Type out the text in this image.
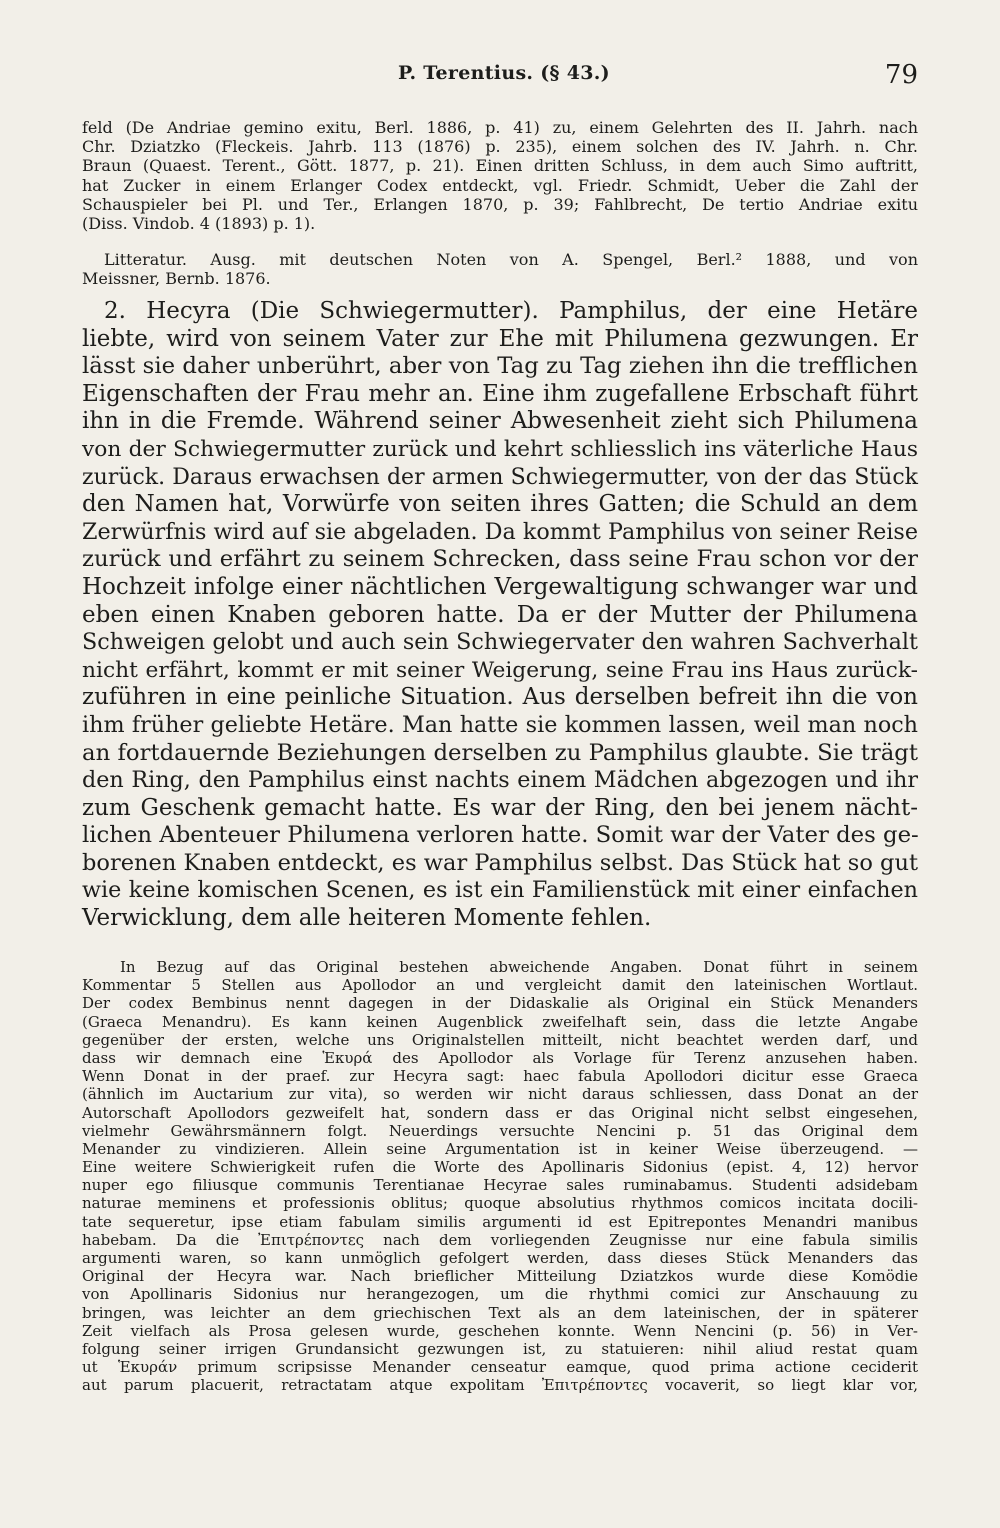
P. Terentius. (§ 43.)	79
feld (De Andriae gemino exitu, Berl. 1886, p. 41) zu, einem Gelehrten des II. Jahrh. nach
Chr. Dziatzko (Fleckeis. Jahrb. 113 (1876) p. 235), einem solchen des IV. Jahrh. n. Chr.
Braun (Quaest. Terent., Gött. 1877, p. 21). Einen dritten Schluss, in dem auch Simo auftritt,
hat Zucker in einem Erlanger Codex entdeckt, vgl. Friedr. Schmidt, Ueber die Zahl der
Schauspieler bei Pl. und Ter., Erlangen 1870, p. 39; Fahlbrecht, De tertio Andriae exitu
(Diss. Vindob. 4 (1893) p. 1).
Litteratur. Ausg. mit deutschen Noten von A. Spengel, Berl.² 1888, und von
Meissner, Bernb. 1876.
2. Hecyra (Die Schwiegermutter). Pamphilus, der eine Hetäre
liebte, wird von seinem Vater zur Ehe mit Philumena gezwungen. Er
lässt sie daher unberührt, aber von Tag zu Tag ziehen ihn die trefflichen
Eigenschaften der Frau mehr an. Eine ihm zugefallene Erbschaft führt
ihn in die Fremde. Während seiner Abwesenheit zieht sich Philumena
von der Schwiegermutter zurück und kehrt schliesslich ins väterliche Haus
zurück. Daraus erwachsen der armen Schwiegermutter, von der das Stück
den Namen hat, Vorwürfe von seiten ihres Gatten; die Schuld an dem
Zerwürfnis wird auf sie abgeladen. Da kommt Pamphilus von seiner Reise
zurück und erfährt zu seinem Schrecken, dass seine Frau schon vor der
Hochzeit infolge einer nächtlichen Vergewaltigung schwanger war und
eben einen Knaben geboren hatte. Da er der Mutter der Philumena
Schweigen gelobt und auch sein Schwiegervater den wahren Sachverhalt
nicht erfährt, kommt er mit seiner Weigerung, seine Frau ins Haus zurück-
zuführen in eine peinliche Situation. Aus derselben befreit ihn die von
ihm früher geliebte Hetäre. Man hatte sie kommen lassen, weil man noch
an fortdauernde Beziehungen derselben zu Pamphilus glaubte. Sie trägt
den Ring, den Pamphilus einst nachts einem Mädchen abgezogen und ihr
zum Geschenk gemacht hatte. Es war der Ring, den bei jenem nächt-
lichen Abenteuer Philumena verloren hatte. Somit war der Vater des ge-
borenen Knaben entdeckt, es war Pamphilus selbst. Das Stück hat so gut
wie keine komischen Scenen, es ist ein Familienstück mit einer einfachen
Verwicklung, dem alle heiteren Momente fehlen.
In Bezug auf das Original bestehen abweichende Angaben. Donat führt in seinem
Kommentar 5 Stellen aus Apollodor an und vergleicht damit den lateinischen Wortlaut.
Der codex Bembinus nennt dagegen in der Didaskalie als Original ein Stück Menanders
(Graeca Menandru). Es kann keinen Augenblick zweifelhaft sein, dass die letzte Angabe
gegenüber der ersten, welche uns Originalstellen mitteilt, nicht beachtet werden darf, und
dass wir demnach eine Ἑκυρά des Apollodor als Vorlage für Terenz anzusehen haben.
Wenn Donat in der praef. zur Hecyra sagt: haec fabula Apollodori dicitur esse Graeca
(ähnlich im Auctarium zur vita), so werden wir nicht daraus schliessen, dass Donat an der
Autorschaft Apollodors gezweifelt hat, sondern dass er das Original nicht selbst eingesehen,
vielmehr Gewährsmännern folgt. Neuerdings versuchte Nencini p. 51 das Original dem
Menander zu vindizieren. Allein seine Argumentation ist in keiner Weise überzeugend. —
Eine weitere Schwierigkeit rufen die Worte des Apollinaris Sidonius (epist. 4, 12) hervor
nuper ego filiusque communis Terentianae Hecyrae sales ruminabamus. Studenti adsidebam
naturae meminens et professionis oblitus; quoque absolutius rhythmos comicos incitata docili-
tate sequeretur, ipse etiam fabulam similis argumenti id est Epitrepontes Menandri manibus
habebam. Da die Ἐπιτρέποντες nach dem vorliegenden Zeugnisse nur eine fabula similis
argumenti waren, so kann unmöglich gefolgert werden, dass dieses Stück Menanders das
Original der Hecyra war. Nach brieflicher Mitteilung Dziatzkos wurde diese Komödie
von Apollinaris Sidonius nur herangezogen, um die rhythmi comici zur Anschauung zu
bringen, was leichter an dem griechischen Text als an dem lateinischen, der in späterer
Zeit vielfach als Prosa gelesen wurde, geschehen konnte. Wenn Nencini (p. 56) in Ver-
folgung seiner irrigen Grundansicht gezwungen ist, zu statuieren: nihil aliud restat quam
ut Ἑκυράν primum scripsisse Menander censeatur eamque, quod prima actione ceciderit
aut parum placuerit, retractatam atque expolitam Ἐπιτρέποντες vocaverit, so liegt klar vor,
